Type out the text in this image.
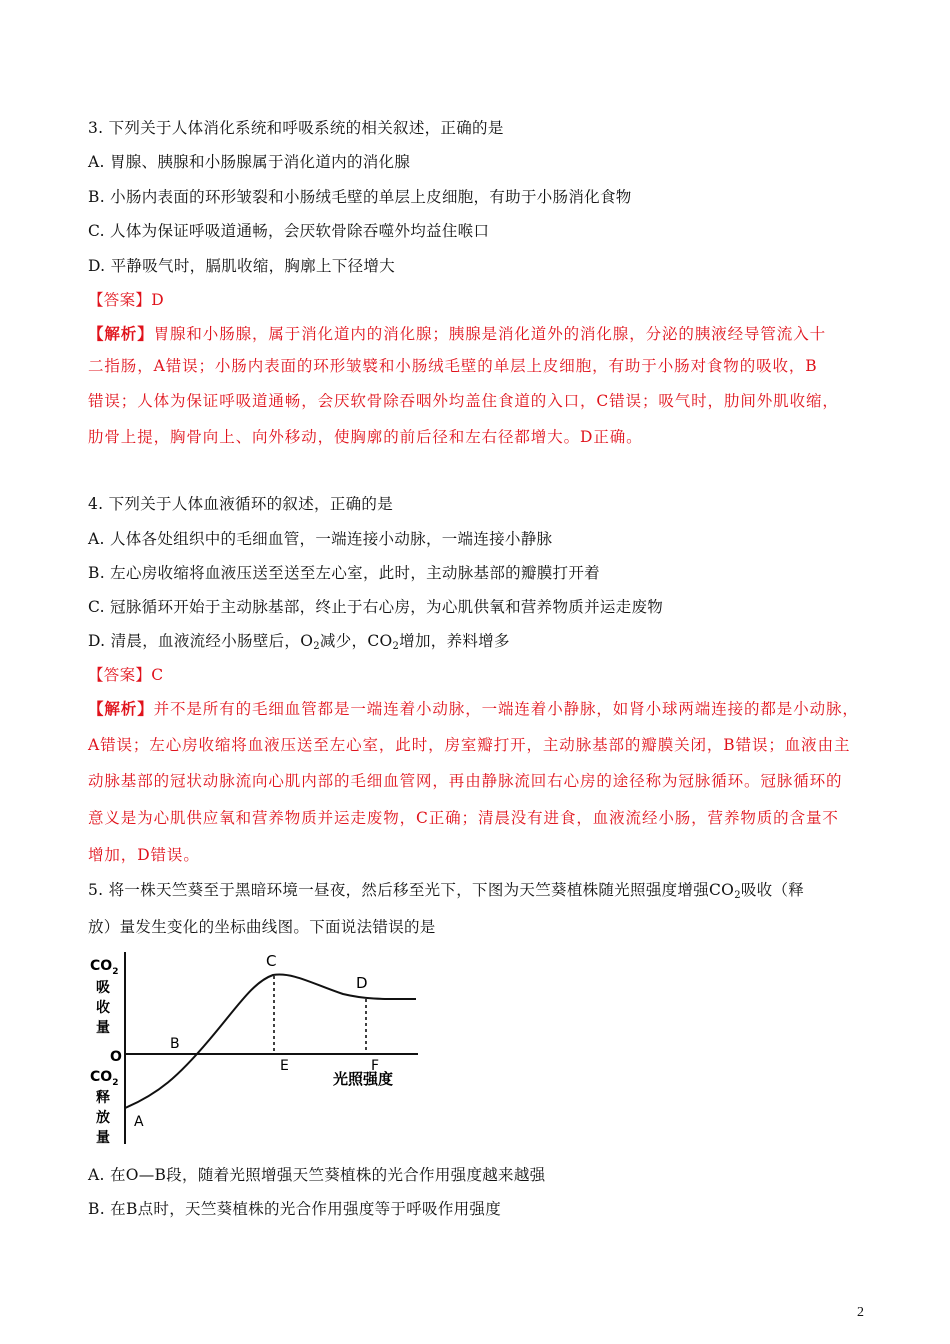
3. 下列关于人体消化系统和呼吸系统的相关叙述，正确的是
A. 胃腺、胰腺和小肠腺属于消化道内的消化腺
B. 小肠内表面的环形皱裂和小肠绒毛壁的单层上皮细胞，有助于小肠消化食物
C. 人体为保证呼吸道通畅，会厌软骨除吞噬外均益住喉口
D. 平静吸气时，膈肌收缩，胸廓上下径增大
【答案】D
【解析】胃腺和小肠腺，属于消化道内的消化腺；胰腺是消化道外的消化腺，分泌的胰液经导管流入十
二指肠，A错误；小肠内表面的环形皱襞和小肠绒毛壁的单层上皮细胞，有助于小肠对食物的吸收，B
错误；人体为保证呼吸道通畅，会厌软骨除吞咽外均盖住食道的入口，C错误；吸气时，肋间外肌收缩，
肋骨上提，胸骨向上、向外移动，使胸廓的前后径和左右径都增大。D正确。
4. 下列关于人体血液循环的叙述，正确的是
A. 人体各处组织中的毛细血管，一端连接小动脉，一端连接小静脉
B. 左心房收缩将血液压送至送至左心室，此时，主动脉基部的瓣膜打开着
C. 冠脉循环开始于主动脉基部，终止于右心房，为心肌供氧和营养物质并运走废物
D. 清晨，血液流经小肠壁后，$O_2$减少，$CO_2$增加，养料增多
【答案】C
【解析】并不是所有的毛细血管都是一端连着小动脉，一端连着小静脉，如肾小球两端连接的都是小动脉，
A错误；左心房收缩将血液压送至左心室，此时，房室瓣打开，主动脉基部的瓣膜关闭，B错误；血液由主
动脉基部的冠状动脉流向心肌内部的毛细血管网，再由静脉流回右心房的途径称为冠脉循环。冠脉循环的
意义是为心肌供应氧和营养物质并运走废物，C正确；清晨没有进食，血液流经小肠，营养物质的含量不
增加，D错误。
5. 将一株天竺葵至于黑暗环境一昼夜，然后移至光下，下图为天竺葵植株随光照强度增强$CO_2$吸收（释
放）量发生变化的坐标曲线图。下面说法错误的是
$CO_2$
吸
收
量
O
$CO_2$
释
放
量
光照强度
A
B
C
D
E	F
A. 在O—B段，随着光照增强天竺葵植株的光合作用强度越来越强
B. 在B点时，天竺葵植株的光合作用强度等于呼吸作用强度
2
